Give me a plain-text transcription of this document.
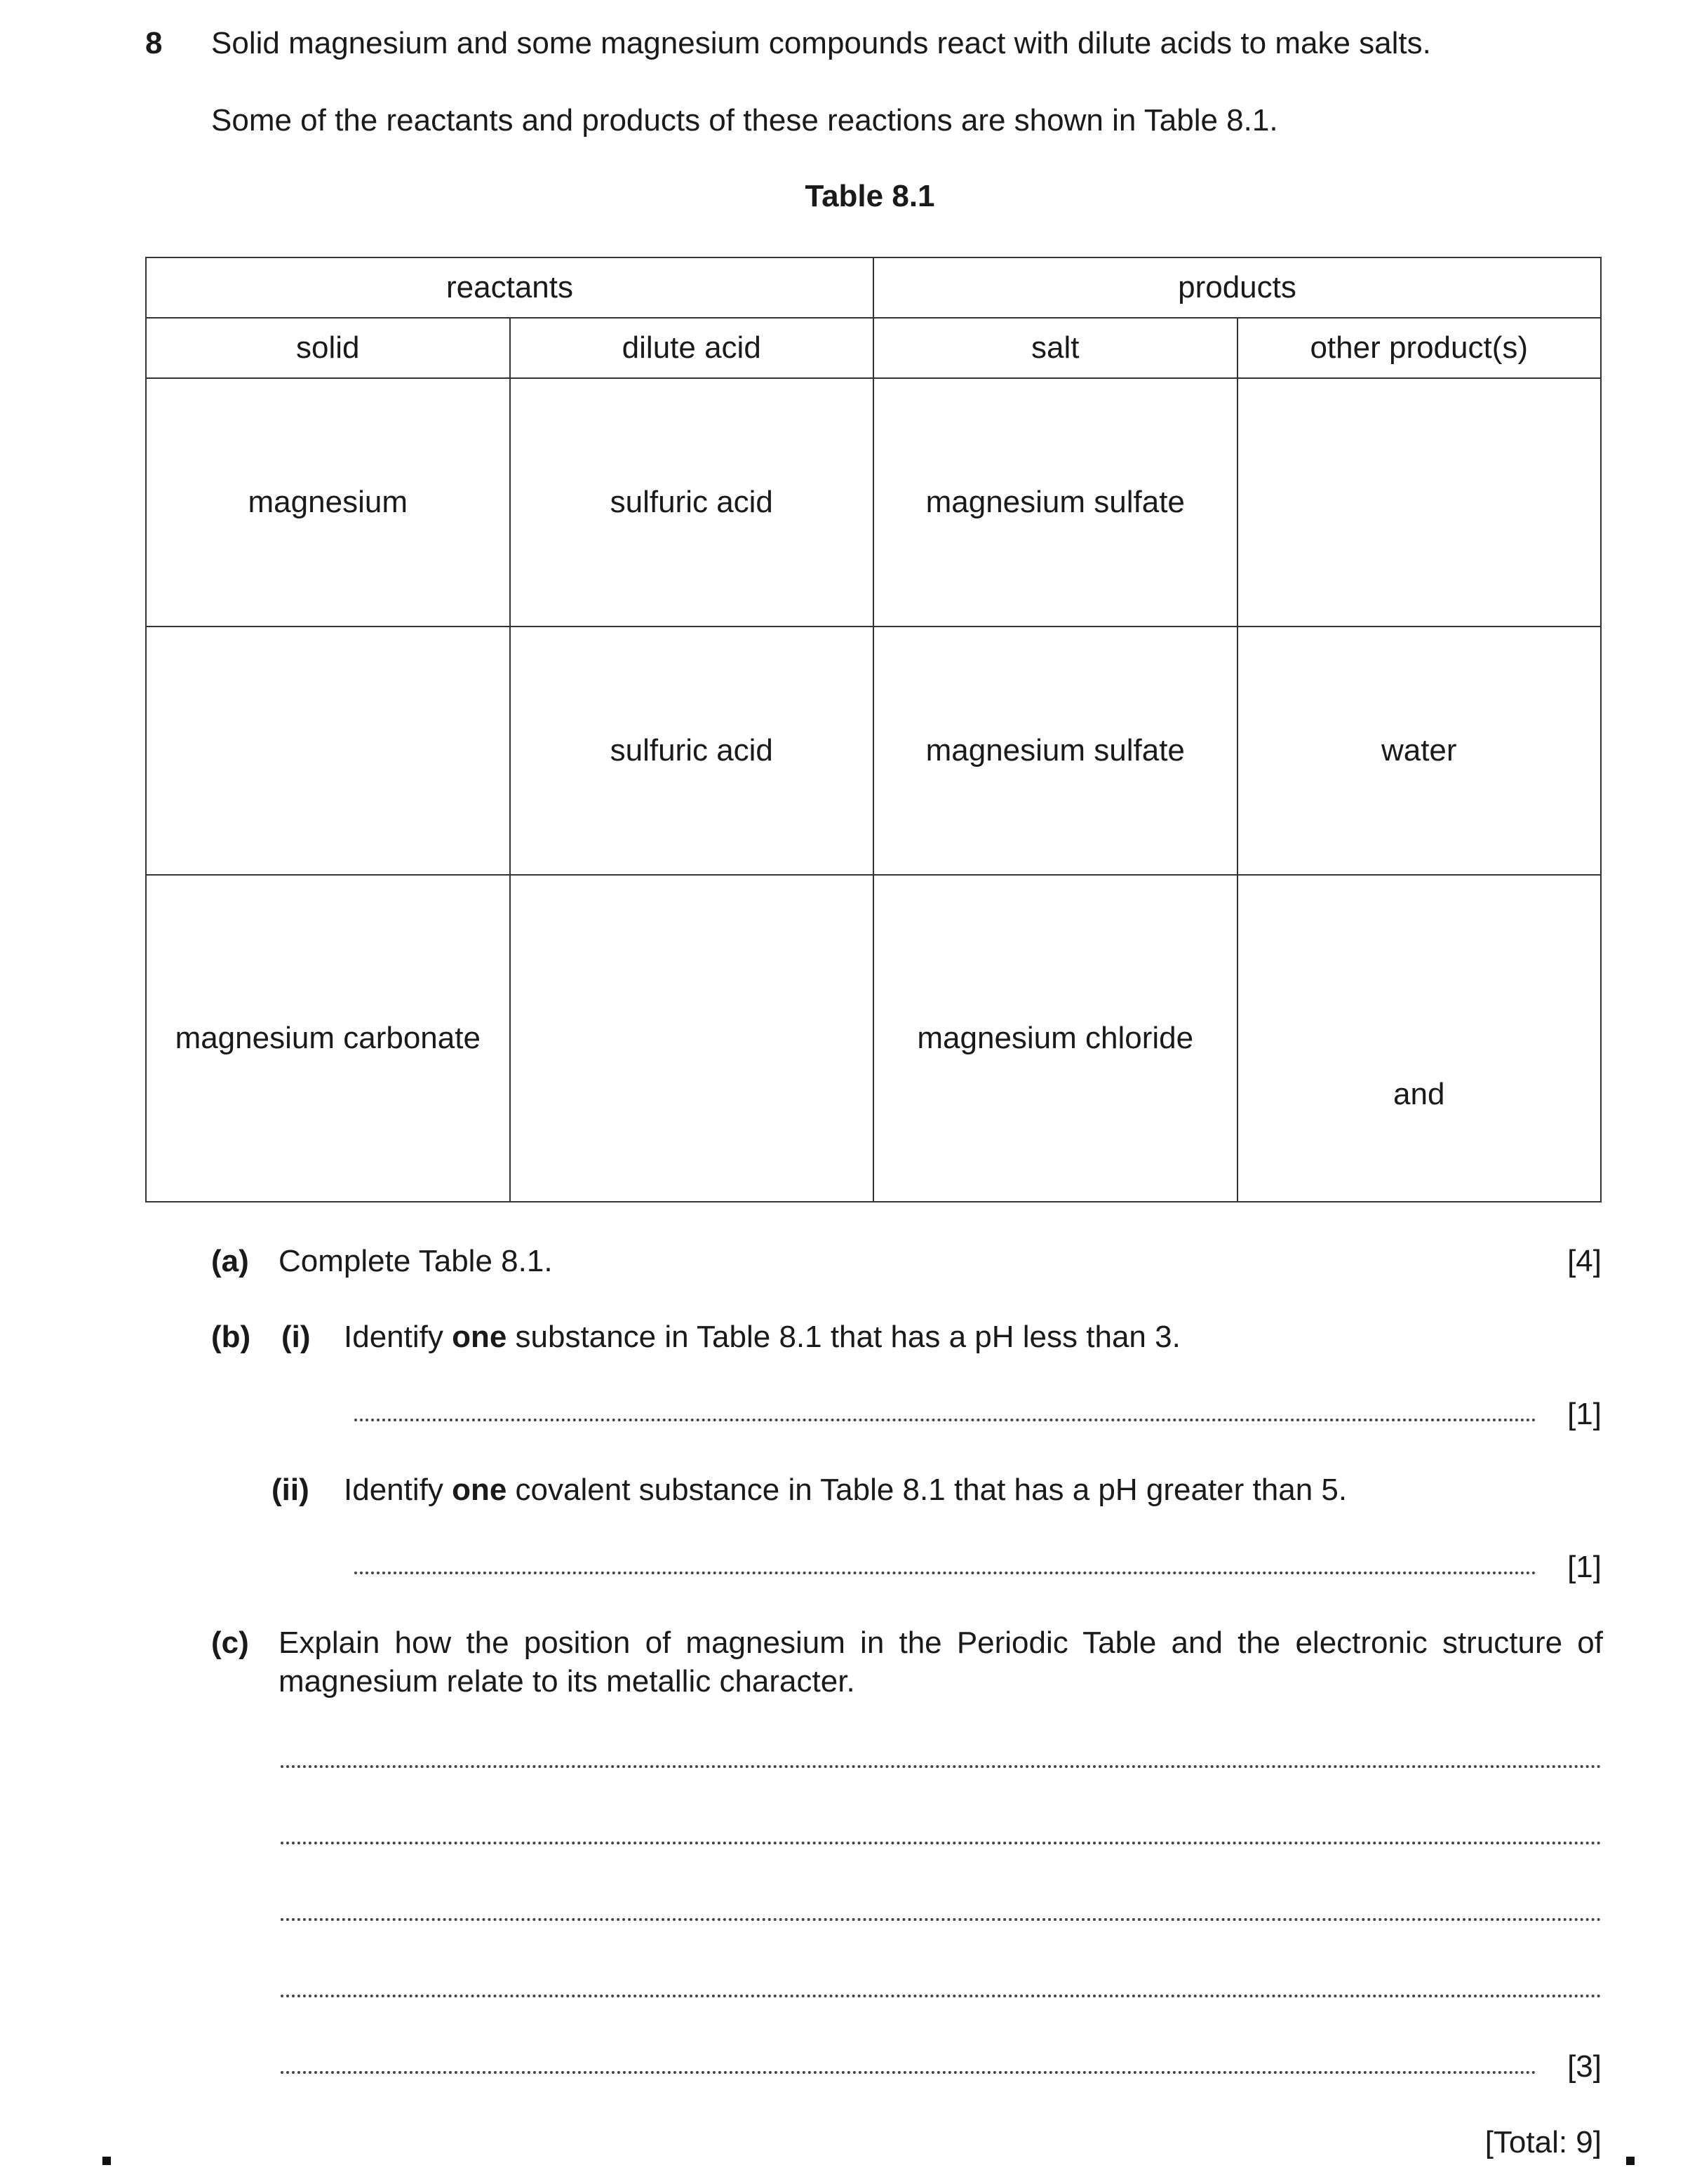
8 Solid magnesium and some magnesium compounds react with dilute acids to make salts.
Some of the reactants and products of these reactions are shown in Table 8.1.
Table 8.1
reactants		products	
solid	dilute acid	salt	other product(s)
magnesium	sulfuric acid	magnesium sulfate	
	sulfuric acid	magnesium sulfate	water
magnesium carbonate		magnesium chloride	and
(a) Complete Table 8.1.	[4]
(b) (i) Identify one substance in Table 8.1 that has a pH less than 3.
[1]
(ii) Identify one covalent substance in Table 8.1 that has a pH greater than 5.
[1]
(c) Explain how the position of magnesium in the Periodic Table and the electronic structure of
magnesium relate to its metallic character.
[3]
[Total: 9]
